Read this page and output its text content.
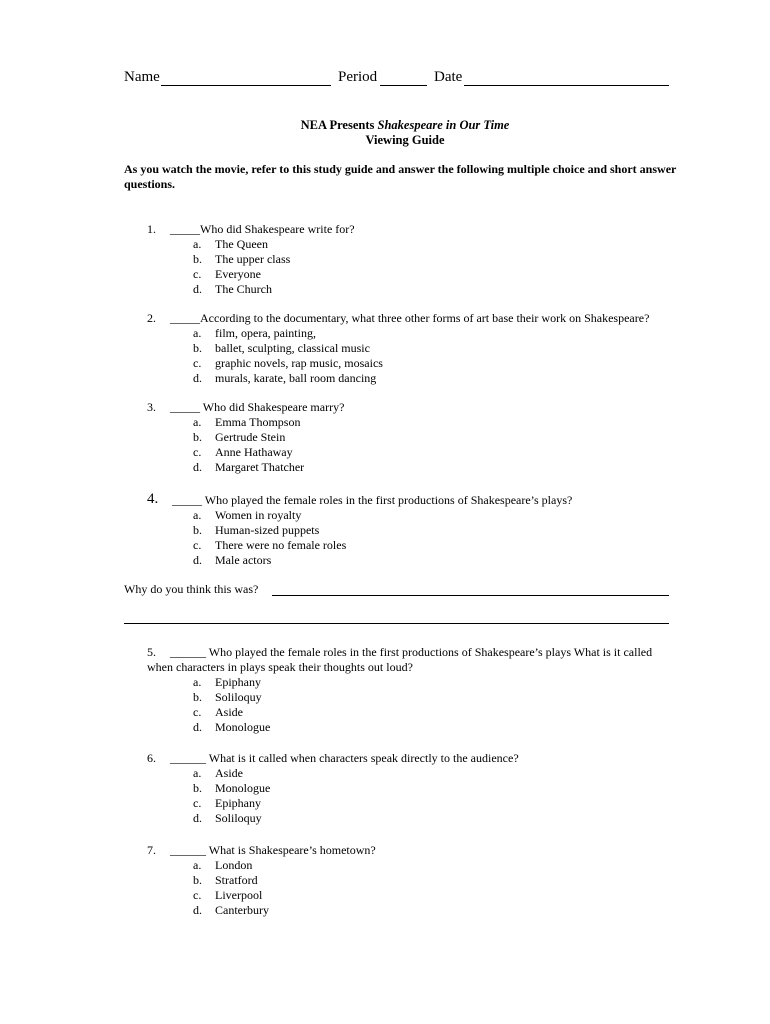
Name	Period	Date
NEA Presents Shakespeare in Our Time
Viewing Guide
As you watch the movie, refer to this study guide and answer the following multiple choice and short answer questions.
1. _____Who did Shakespeare write for?
a. The Queen
b. The upper class
c. Everyone
d. The Church
2. _____According to the documentary, what three other forms of art base their work on Shakespeare?
a. film, opera, painting,
b. ballet, sculpting, classical music
c. graphic novels, rap music, mosaics
d. murals, karate, ball room dancing
3. _____ Who did Shakespeare marry?
a. Emma Thompson
b. Gertrude Stein
c. Anne Hathaway
d. Margaret Thatcher
4. _____ Who played the female roles in the first productions of Shakespeare’s plays?
a. Women in royalty
b. Human-sized puppets
c. There were no female roles
d. Male actors
Why do you think this was?
5. ______ Who played the female roles in the first productions of Shakespeare’s plays What is it called
when characters in plays speak their thoughts out loud?
a. Epiphany
b. Soliloquy
c. Aside
d. Monologue
6. ______ What is it called when characters speak directly to the audience?
a. Aside
b. Monologue
c. Epiphany
d. Soliloquy
7. ______ What is Shakespeare’s hometown?
a. London
b. Stratford
c. Liverpool
d. Canterbury
